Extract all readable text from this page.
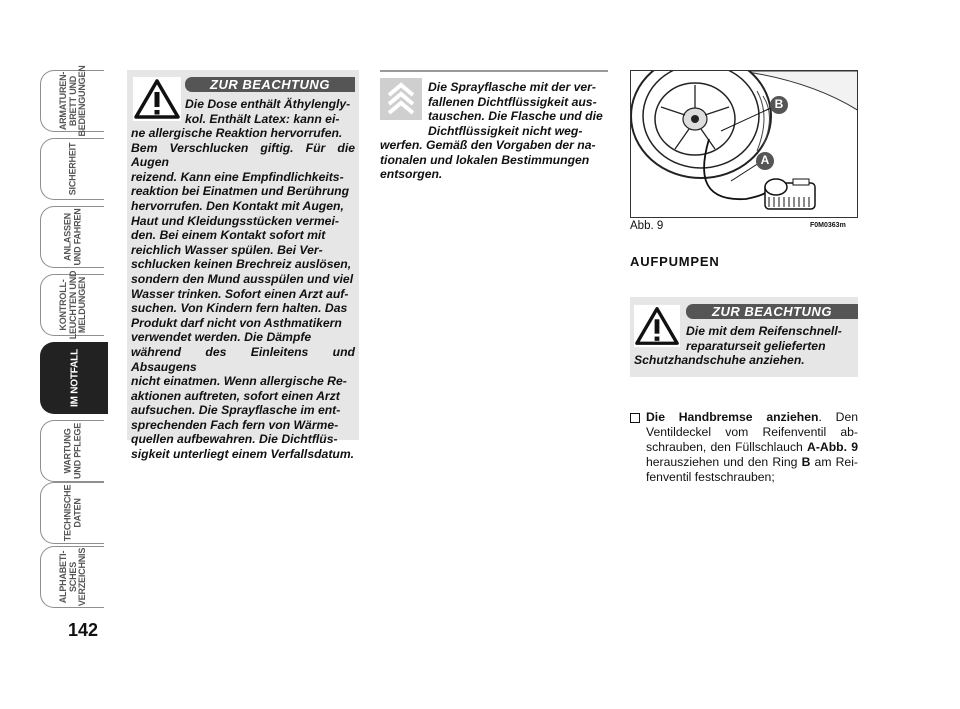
ARMATUREN-
BRETT UND
BEDIENGUNGEN
SICHERHEIT
ANLASSEN
UND FAHREN
KONTROLL-
LEUCHTEN UND
MELDUNGEN
IM NOTFALL
WARTUNG
UND PFLEGE
TECHNISCHE
DATEN
ALPHABETI-
SCHES
VERZEICHNIS
142
ZUR BEACHTUNG
Die Dose enthält Äthylengly-
kol. Enthält Latex: kann ei-
ne allergische Reaktion hervorrufen.
Bem Verschlucken giftig. Für die Augen
reizend. Kann eine Empfindlichkeits-
reaktion bei Einatmen und Berührung
hervorrufen. Den Kontakt mit Augen,
Haut und Kleidungsstücken vermei-
den. Bei einem Kontakt sofort mit
reichlich Wasser spülen. Bei Ver-
schlucken keinen Brechreiz auslösen,
sondern den Mund ausspülen und viel
Wasser trinken. Sofort einen Arzt auf-
suchen. Von Kindern fern halten. Das
Produkt darf nicht von Asthmatikern
verwendet werden. Die Dämpfe
während des Einleitens und Absaugens
nicht einatmen. Wenn allergische Re-
aktionen auftreten, sofort einen Arzt
aufsuchen. Die Sprayflasche im ent-
sprechenden Fach fern von Wärme-
quellen aufbewahren. Die Dichtflüs-
sigkeit unterliegt einem Verfallsdatum.
Die Sprayflasche mit der ver-
fallenen Dichtflüssigkeit aus-
tauschen. Die Flasche und die
Dichtflüssigkeit nicht weg-
werfen. Gemäß den Vorgaben der na-
tionalen und lokalen Bestimmungen
entsorgen.
B
A
Abb. 9	F0M0363m
AUFPUMPEN
ZUR BEACHTUNG
Die mit dem Reifenschnell-
reparaturseit gelieferten
Schutzhandschuhe anziehen.
Die Handbremse anziehen. Den Ventildeckel vom Reifenventil ab-schrauben, den Füllschlauch A-Abb. 9 herausziehen und den Ring B am Rei-fenventil festschrauben;
